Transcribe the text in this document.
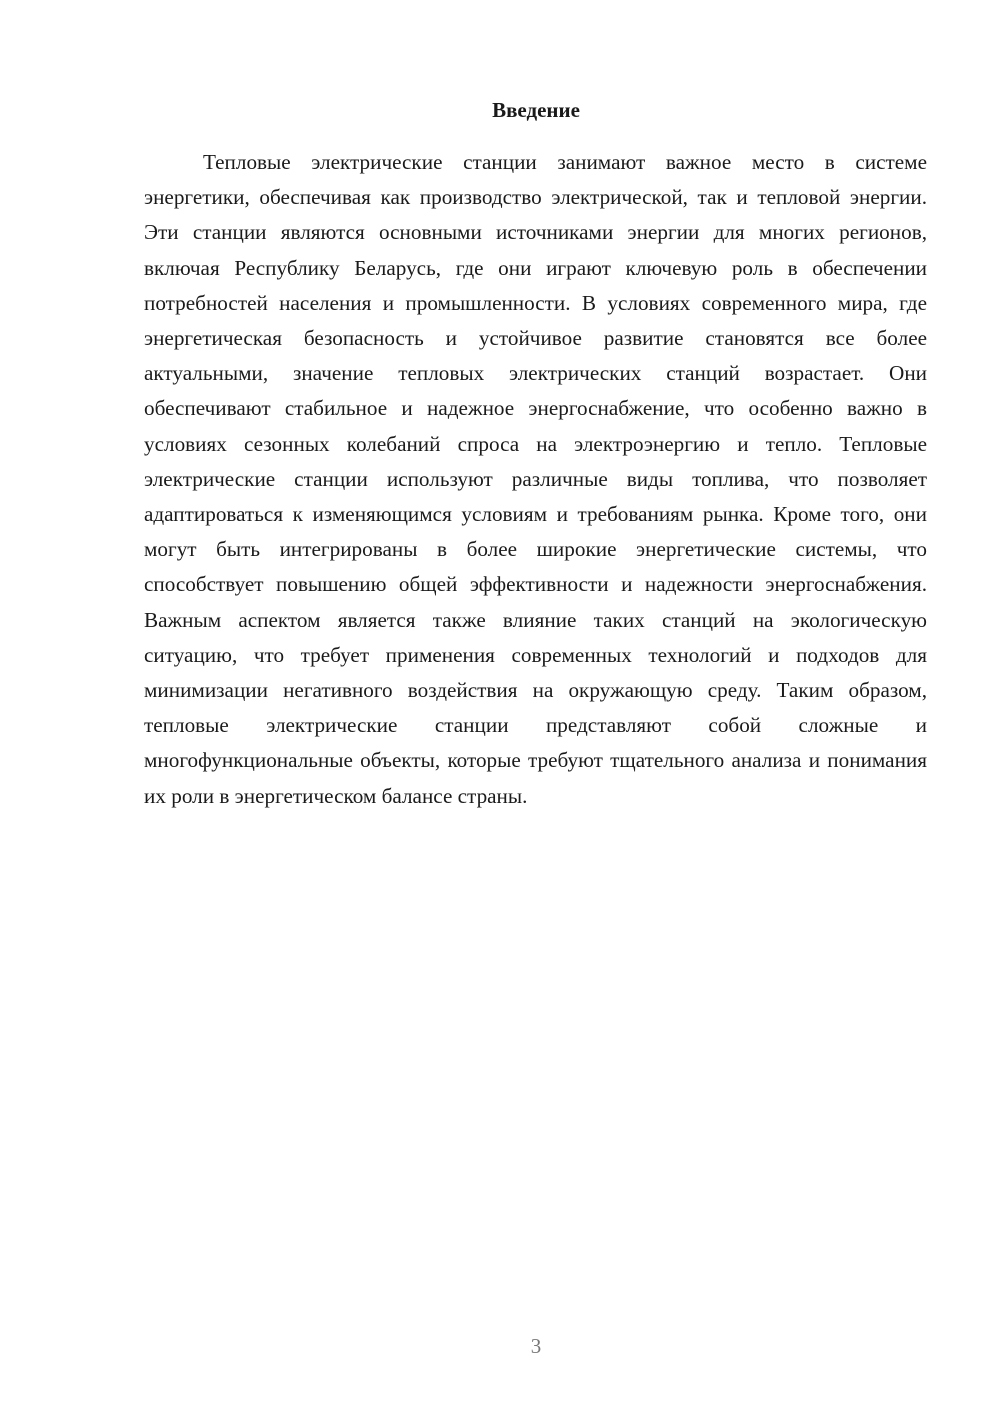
Введение

Тепловые электрические станции занимают важное место в системе энергетики, обеспечивая как производство электрической, так и тепловой энергии. Эти станции являются основными источниками энергии для многих регионов, включая Республику Беларусь, где они играют ключевую роль в обеспечении потребностей населения и промышленности. В условиях современного мира, где энергетическая безопасность и устойчивое развитие становятся все более актуальными, значение тепловых электрических станций возрастает. Они обеспечивают стабильное и надежное энергоснабжение, что особенно важно в условиях сезонных колебаний спроса на электроэнергию и тепло. Тепловые электрические станции используют различные виды топлива, что позволяет адаптироваться к изменяющимся условиям и требованиям рынка. Кроме того, они могут быть интегрированы в более широкие энергетические системы, что способствует повышению общей эффективности и надежности энергоснабжения. Важным аспектом является также влияние таких станций на экологическую ситуацию, что требует применения современных технологий и подходов для минимизации негативного воздействия на окружающую среду. Таким образом, тепловые электрические станции представляют собой сложные и многофункциональные объекты, которые требуют тщательного анализа и понимания их роли в энергетическом балансе страны.

3
